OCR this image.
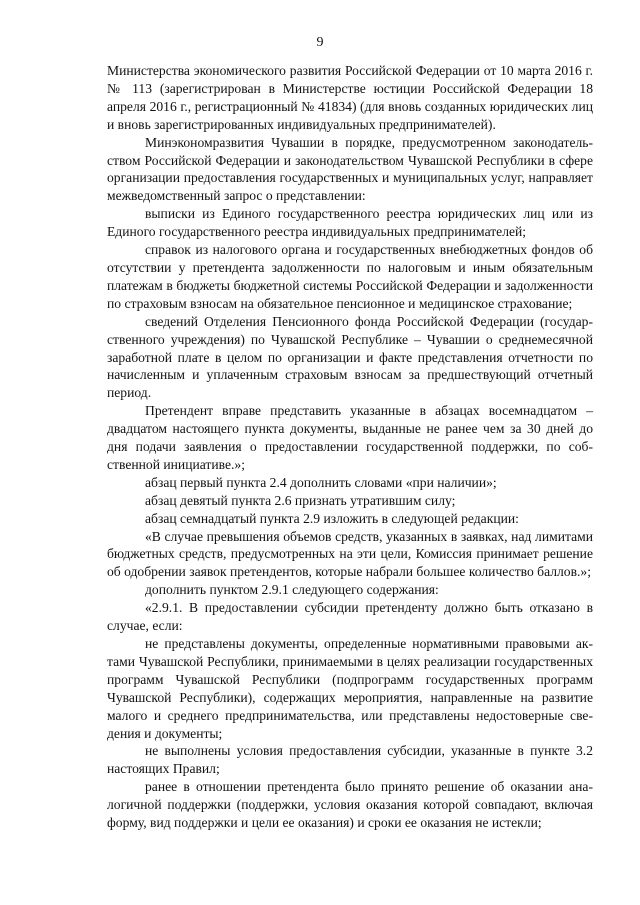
9

Министерства экономического развития Российской Федерации от 10 марта 2016 г. № 113 (зарегистрирован в Министерстве юстиции Российской Федерации 18 апреля 2016 г., регистрационный № 41834) (для вновь созданных юридических лиц и вновь зарегистрированных индивидуальных предпринимателей).

Минэкономразвития Чувашии в порядке, предусмотренном законодательством Российской Федерации и законодательством Чувашской Республики в сфере организации предоставления государственных и муниципальных услуг, направляет межведомственный запрос о представлении:

выписки из Единого государственного реестра юридических лиц или из Единого государственного реестра индивидуальных предпринимателей;

справок из налогового органа и государственных внебюджетных фондов об отсутствии у претендента задолженности по налоговым и иным обязательным платежам в бюджеты бюджетной системы Российской Федерации и задолженности по страховым взносам на обязательное пенсионное и медицинское страхование;

сведений Отделения Пенсионного фонда Российской Федерации (государственного учреждения) по Чувашской Республике – Чувашии о среднемесячной заработной плате в целом по организации и факте представления отчетности по начисленным и уплаченным страховым взносам за предшествующий отчетный период.

Претендент вправе представить указанные в абзацах восемнадцатом – двадцатом настоящего пункта документы, выданные не ранее чем за 30 дней до дня подачи заявления о предоставлении государственной поддержки, по собственной инициативе.»;

абзац первый пункта 2.4 дополнить словами «при наличии»;

абзац девятый пункта 2.6 признать утратившим силу;

абзац семнадцатый пункта 2.9 изложить в следующей редакции:

«В случае превышения объемов средств, указанных в заявках, над лимитами бюджетных средств, предусмотренных на эти цели, Комиссия принимает решение об одобрении заявок претендентов, которые набрали большее количество баллов.»;

дополнить пунктом 2.9.1 следующего содержания:

«2.9.1. В предоставлении субсидии претенденту должно быть отказано в случае, если:

не представлены документы, определенные нормативными правовыми актами Чувашской Республики, принимаемыми в целях реализации государственных программ Чувашской Республики (подпрограмм государственных программ Чувашской Республики), содержащих мероприятия, направленные на развитие малого и среднего предпринимательства, или представлены недостоверные сведения и документы;

не выполнены условия предоставления субсидии, указанные в пункте 3.2 настоящих Правил;

ранее в отношении претендента было принято решение об оказании аналогичной поддержки (поддержки, условия оказания которой совпадают, включая форму, вид поддержки и цели ее оказания) и сроки ее оказания не истекли;
